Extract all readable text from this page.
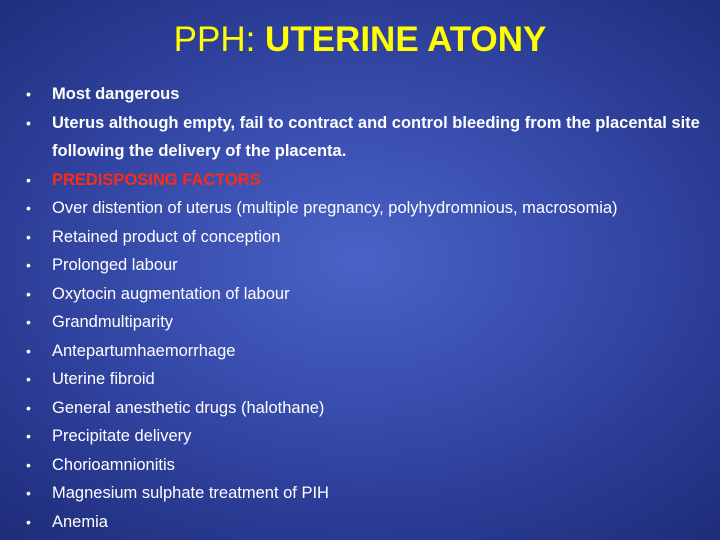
PPH: UTERINE ATONY
• Most dangerous
• Uterus although empty, fail to contract and control bleeding from the placental site following the delivery of the placenta.
• PREDISPOSING FACTORS
• Over distention of uterus (multiple pregnancy, polyhydromnious, macrosomia)
• Retained product of conception
• Prolonged labour
• Oxytocin augmentation of labour
• Grandmultiparity
• Antepartumhaemorrhage
• Uterine fibroid
• General anesthetic drugs (halothane)
• Precipitate delivery
• Chorioamnionitis
• Magnesium sulphate treatment of PIH
• Anemia
